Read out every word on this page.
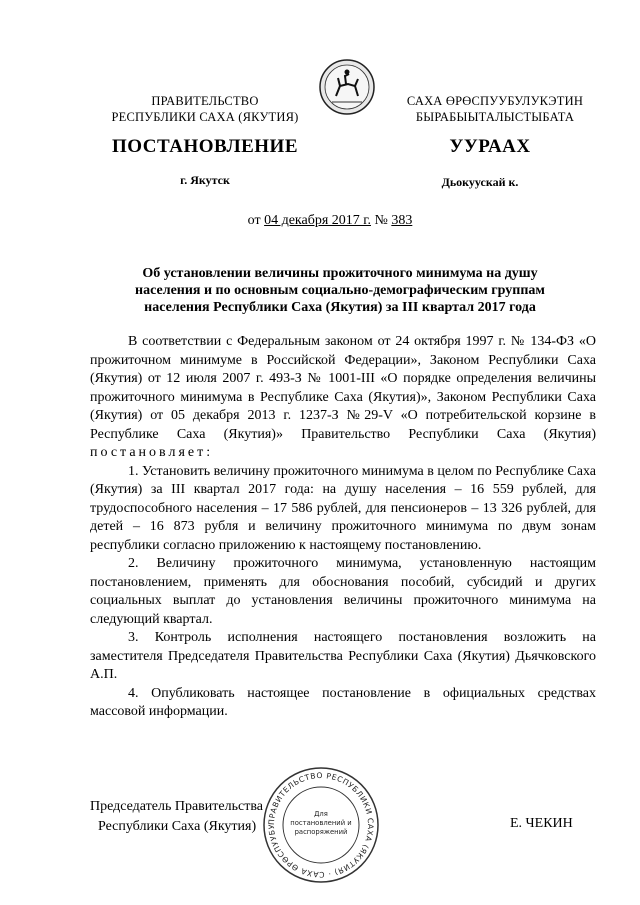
ПРАВИТЕЛЬСТВО
РЕСПУБЛИКИ САХА (ЯКУТИЯ)
САХА ӨРӨСПУУБУЛУКЭТИН
БЫРАБЫЫТАЛЫСТЫБАТА
ПОСТАНОВЛЕНИЕ	УУРААХ
г. Якутск	Дьокуускай к.
от 04 декабря 2017 г. № 383
Об установлении величины прожиточного минимума на душу
населения и по основным социально-демографическим группам
населения Республики Саха (Якутия) за III квартал 2017 года

В соответствии с Федеральным законом от 24 октября 1997 г. № 134-ФЗ «О прожиточном минимуме в Российской Федерации», Законом Республики Саха (Якутия) от 12 июля 2007 г. 493-З № 1001-III «О порядке определения величины прожиточного минимума в Республике Саха (Якутия)», Законом Республики Саха (Якутия) от 05 декабря 2013 г. 1237-З №29-V «О потребительской корзине в Республике Саха (Якутия)» Правительство Республики Саха (Якутия) постановляет:

1. Установить величину прожиточного минимума в целом по Республике Саха (Якутия) за III квартал 2017 года: на душу населения – 16 559 рублей, для трудоспособного населения – 17 586 рублей, для пенсионеров – 13 326 рублей, для детей – 16 873 рубля и величину прожиточного минимума по двум зонам республики согласно приложению к настоящему постановлению.

2. Величину прожиточного минимума, установленную настоящим постановлением, применять для обоснования пособий, субсидий и других социальных выплат до установления величины прожиточного минимума на следующий квартал.

3. Контроль исполнения настоящего постановления возложить на заместителя Председателя Правительства Республики Саха (Якутия) Дьячковского А.П.

4. Опубликовать настоящее постановление в официальных средствах массовой информации.

Председатель Правительства
Республики Саха (Якутия)	Е. ЧЕКИН
ПРАВИТЕЛЬСТВО РЕСПУБЛИКИ САХА (ЯКУТИЯ) · САХА ӨРӨСПУУБУ
Для
постановлений и
распоряжений
